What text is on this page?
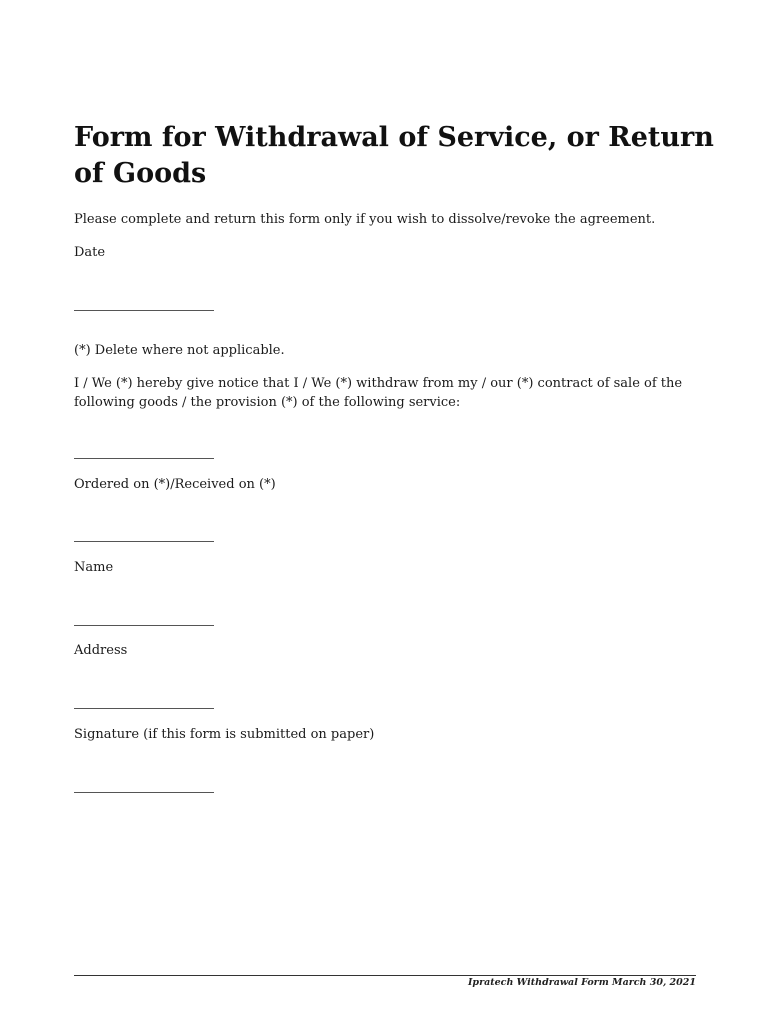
Form for Withdrawal of Service, or Return of Goods

Please complete and return this form only if you wish to dissolve/revoke the agreement.

Date

(*) Delete where not applicable.

I / We (*) hereby give notice that I / We (*) withdraw from my / our (*) contract of sale of the following goods / the provision (*) of the following service:

Ordered on (*)/Received on (*)

Name

Address

Signature (if this form is submitted on paper)

Ipratech Withdrawal Form March 30, 2021
